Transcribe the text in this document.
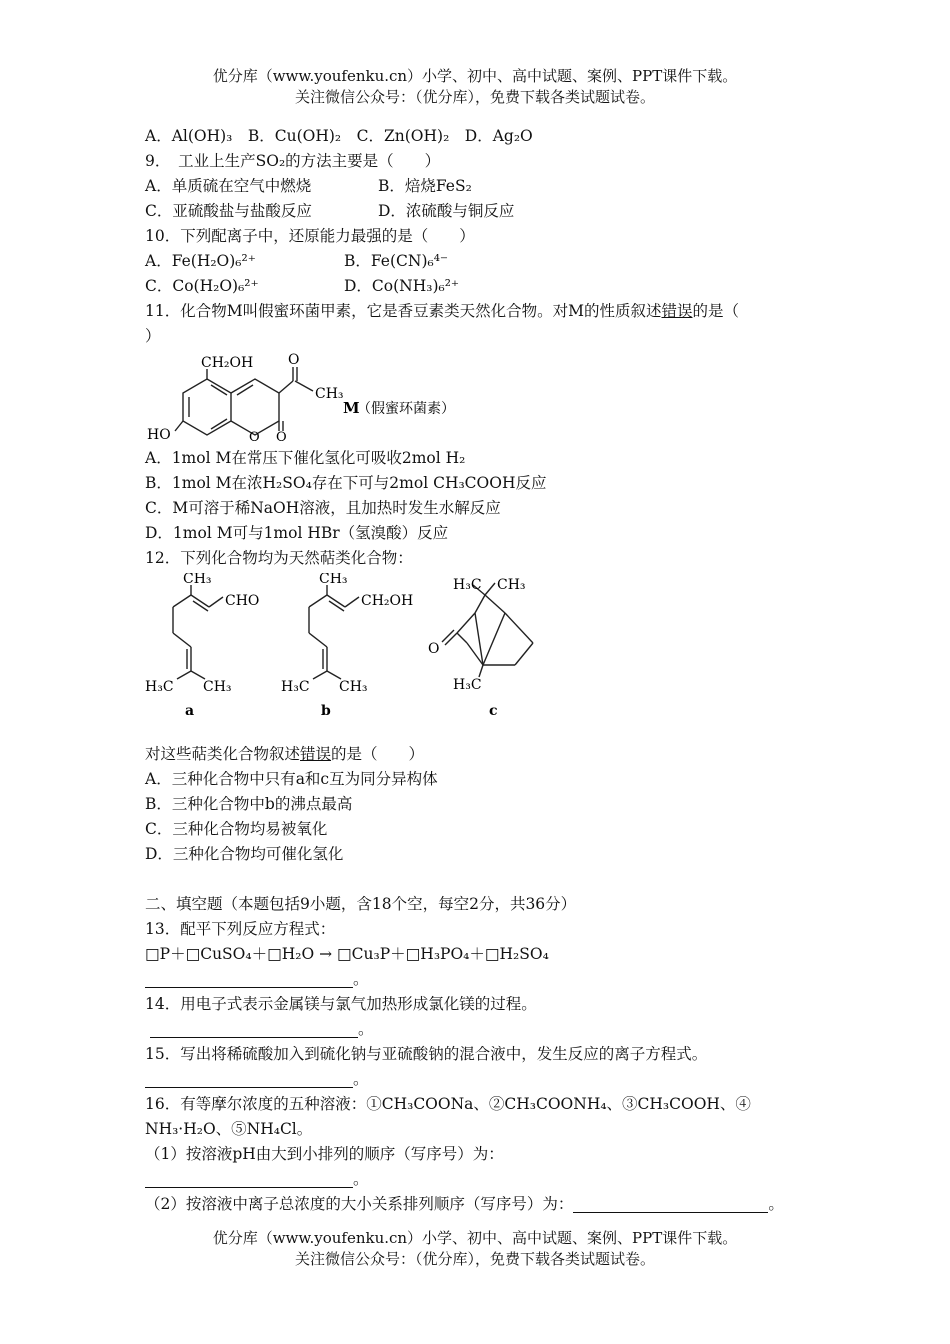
优分库（www.youfenku.cn）小学、初中、高中试题、案例、PPT课件下载。
关注微信公众号：（优分库），免费下载各类试题试卷。
A．Al(OH)₃　B．Cu(OH)₂　C．Zn(OH)₂　D．Ag₂O
9．　工业上生产SO₂的方法主要是（　　）
A．单质硫在空气中燃烧	B．焙烧FeS₂
C．亚硫酸盐与盐酸反应	D．浓硫酸与铜反应
10．下列配离子中，还原能力最强的是（　　）
A．Fe(H₂O)₆²⁺	B．Fe(CN)₆⁴⁻
C．Co(H₂O)₆²⁺	D．Co(NH₃)₆²⁺
11．化合物M叫假蜜环菌甲素，它是香豆素类天然化合物。对M的性质叙述错误的是（
）
CH₂OH O
CH₃
HO	O O
M
（假蜜环菌素）
A．1mol M在常压下催化氢化可吸收2mol H₂
B．1mol M在浓H₂SO₄存在下可与2mol CH₃COOH反应
C．M可溶于稀NaOH溶液，且加热时发生水解反应
D．1mol M可与1mol HBr（氢溴酸）反应
12．下列化合物均为天然萜类化合物：
CH₃
CHO
H₃C CH₃
a
CH₃
CH₂OH
H₃C CH₃
b
H₃C CH₃
O
H₃C
c
对这些萜类化合物叙述错误的是（　　）
A．三种化合物中只有a和c互为同分异构体
B．三种化合物中b的沸点最高
C．三种化合物均易被氧化
D．三种化合物均可催化氢化
二、填空题（本题包括9小题，含18个空，每空2分，共36分）
13．配平下列反应方程式：
□P＋□CuSO₄＋□H₂O → □Cu₃P＋□H₃PO₄＋□H₂SO₄
。
14．用电子式表示金属镁与氯气加热形成氯化镁的过程。
。
15．写出将稀硫酸加入到硫化钠与亚硫酸钠的混合液中，发生反应的离子方程式。
。
16．有等摩尔浓度的五种溶液：①CH₃COONa、②CH₃COONH₄、③CH₃COOH、④
NH₃·H₂O、⑤NH₄Cl。
（1）按溶液pH由大到小排列的顺序（写序号）为：
。
（2）按溶液中离子总浓度的大小关系排列顺序（写序号）为：	。
优分库（www.youfenku.cn）小学、初中、高中试题、案例、PPT课件下载。
关注微信公众号：（优分库），免费下载各类试题试卷。
